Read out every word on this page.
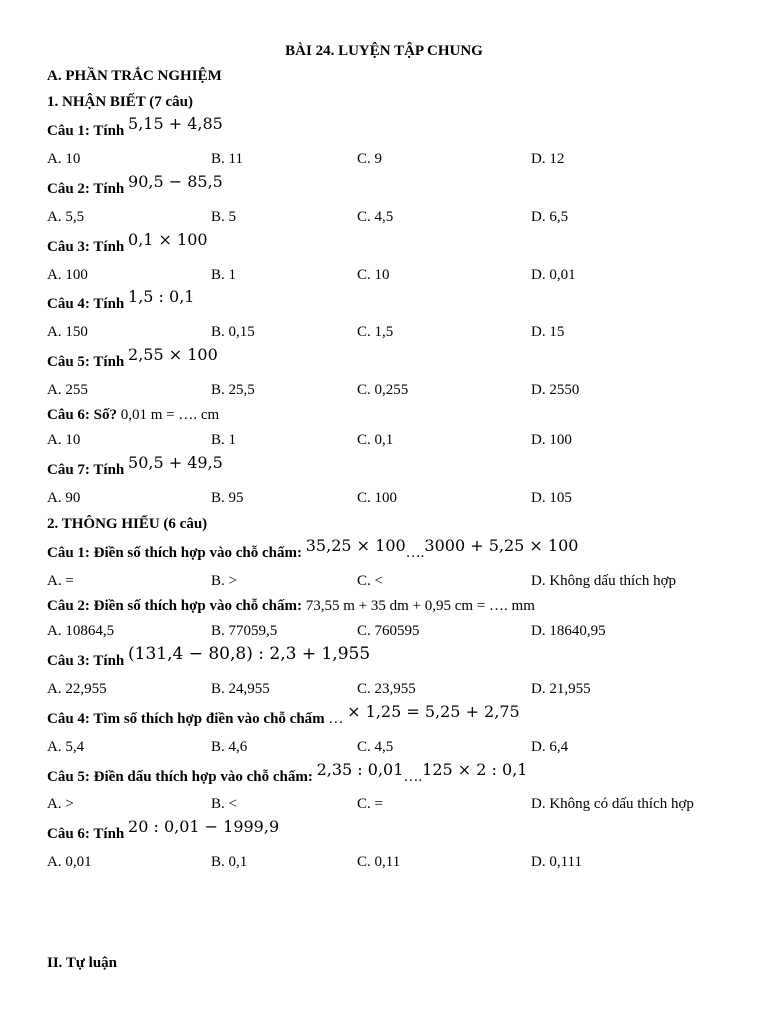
BÀI 24. LUYỆN TẬP CHUNG
A. PHẦN TRẮC NGHIỆM
1. NHẬN BIẾT (7 câu)
Câu 1: Tính 5,15 + 4,85
A. 10	B. 11	C. 9	D. 12
Câu 2: Tính 90,5 − 85,5
A. 5,5	B. 5	C. 4,5	D. 6,5
Câu 3: Tính 0,1 × 100
A. 100	B. 1	C. 10	D. 0,01
Câu 4: Tính 1,5 : 0,1
A. 150	B. 0,15	C. 1,5	D. 15
Câu 5: Tính 2,55 × 100
A. 255	B. 25,5	C. 0,255	D. 2550
Câu 6: Số? 0,01 m = …. cm
A. 10	B. 1	C. 0,1	D. 100
Câu 7: Tính 50,5 + 49,5
A. 90	B. 95	C. 100	D. 105
2. THÔNG HIỂU (6 câu)
Câu 1: Điền số thích hợp vào chỗ chấm: 35,25 × 100….3000 + 5,25 × 100
A. =	B. >	C. <	D. Không dấu thích hợp
Câu 2: Điền số thích hợp vào chỗ chấm: 73,55 m + 35 dm + 0,95 cm = …. mm
A. 10864,5	B. 77059,5	C. 760595	D. 18640,95
Câu 3: Tính (131,4 − 80,8) : 2,3 + 1,955
A. 22,955	B. 24,955	C. 23,955	D. 21,955
Câu 4: Tìm số thích hợp điền vào chỗ chấm … × 1,25 = 5,25 + 2,75
A. 5,4	B. 4,6	C. 4,5	D. 6,4
Câu 5: Điền dấu thích hợp vào chỗ chấm: 2,35 : 0,01….125 × 2 : 0,1
A. >	B. <	C. =	D. Không có dấu thích hợp
Câu 6: Tính 20 : 0,01 − 1999,9
A. 0,01	B. 0,1	C. 0,11	D. 0,111
II. Tự luận
